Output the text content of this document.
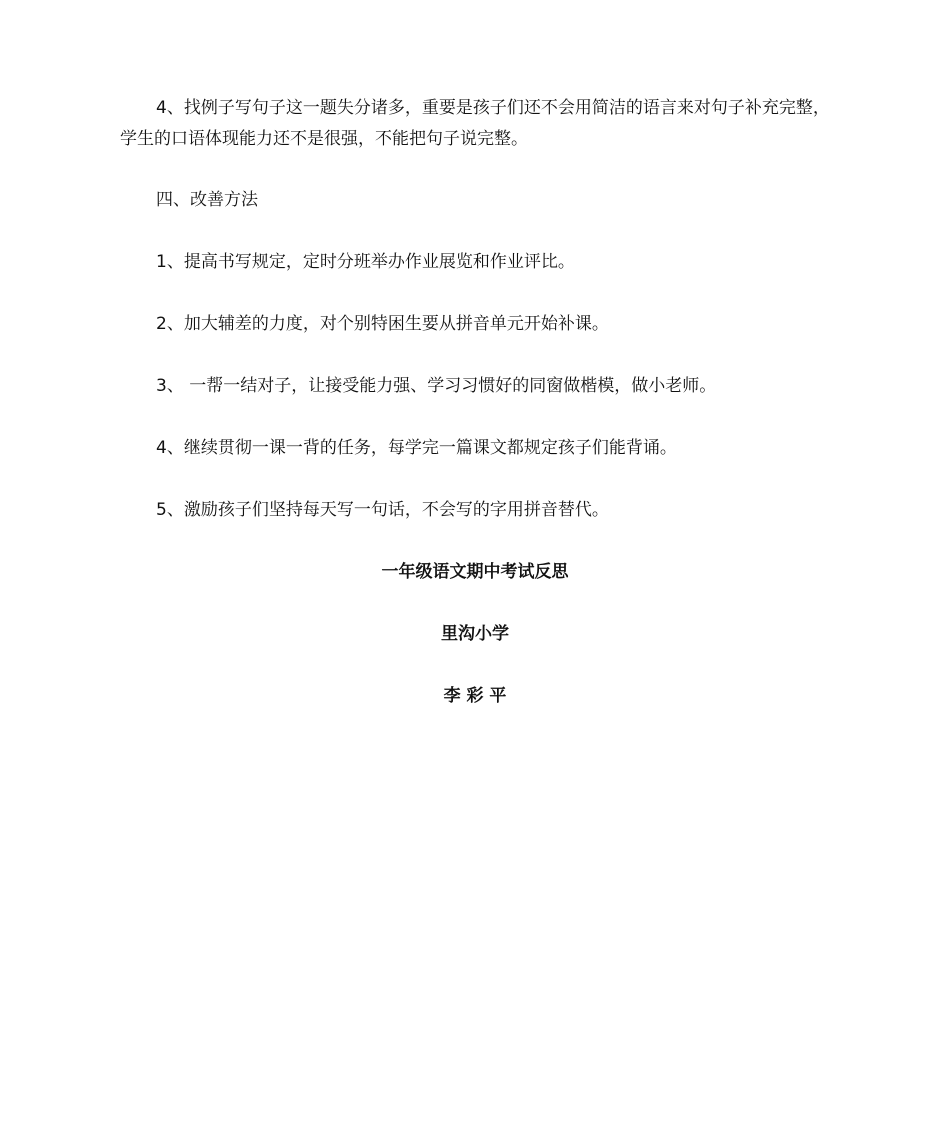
4、找例子写句子这一题失分诸多，重要是孩子们还不会用简洁的语言来对句子补充完整，学生的口语体现能力还不是很强，不能把句子说完整。

四、改善方法

1、提高书写规定，定时分班举办作业展览和作业评比。

2、加大辅差的力度，对个别特困生要从拼音单元开始补课。

3、 一帮一结对子，让接受能力强、学习习惯好的同窗做楷模，做小老师。

4、继续贯彻一课一背的任务，每学完一篇课文都规定孩子们能背诵。

5、激励孩子们坚持每天写一句话，不会写的字用拼音替代。

一年级语文期中考试反思
里沟小学
李 彩 平
